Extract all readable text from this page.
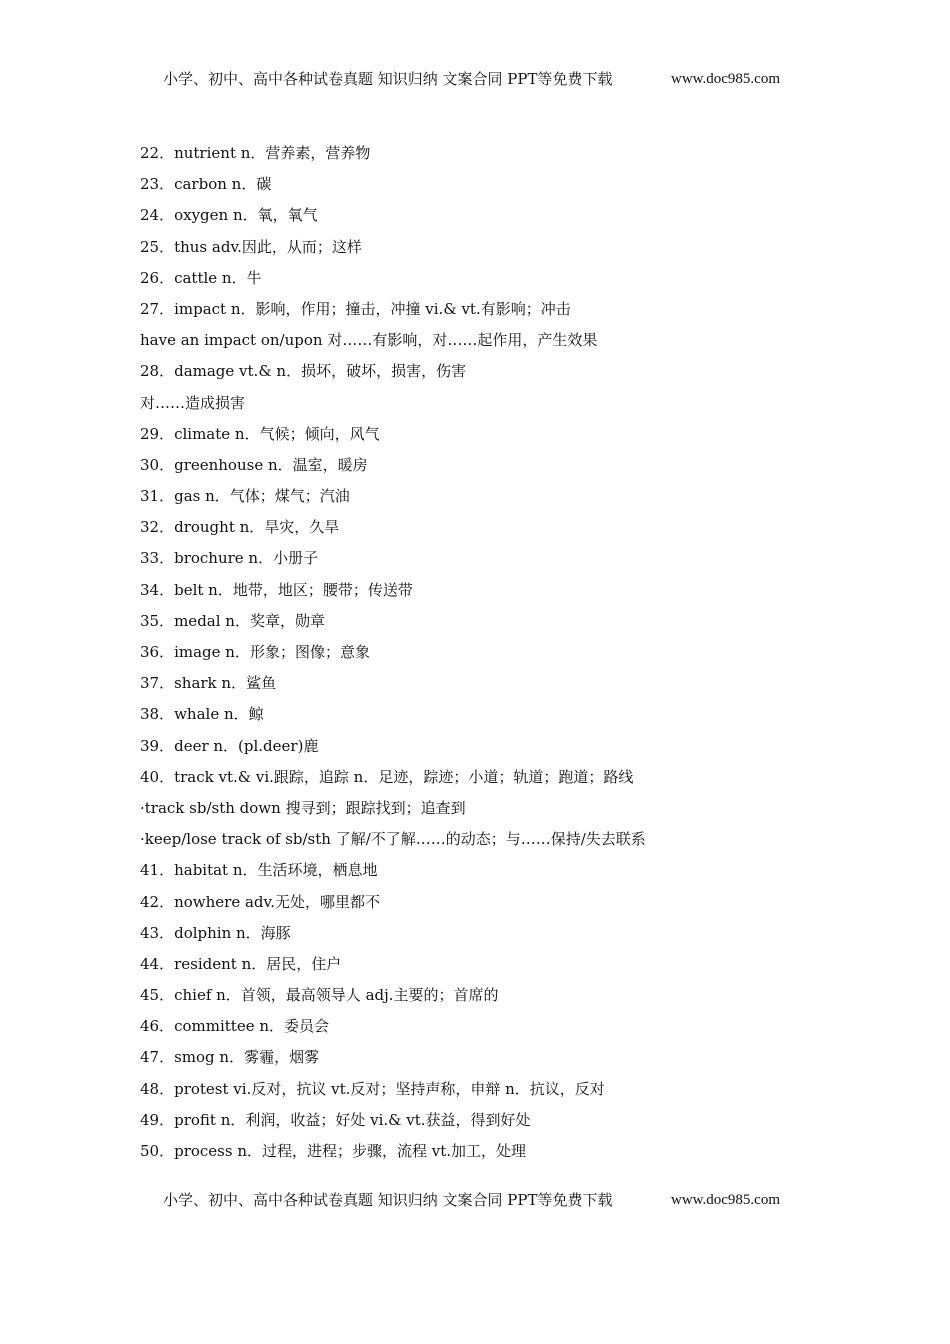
小学、初中、高中各种试卷真题 知识归纳 文案合同 PPT等免费下载	www.doc985.com
22．nutrient n．营养素，营养物
23．carbon n．碳
24．oxygen n．氧，氧气
25．thus adv.因此，从而；这样
26．cattle n．牛
27．impact n．影响，作用；撞击，冲撞 vi.& vt.有影响；冲击
have an impact on/upon 对……有影响，对……起作用，产生效果
28．damage vt.& n．损坏，破坏，损害，伤害
对……造成损害
29．climate n．气候；倾向，风气
30．greenhouse n．温室，暖房
31．gas n．气体；煤气；汽油
32．drought n．旱灾，久旱
33．brochure n．小册子
34．belt n．地带，地区；腰带；传送带
35．medal n．奖章，勋章
36．image n．形象；图像；意象
37．shark n．鲨鱼
38．whale n．鲸
39．deer n．(pl.deer)鹿
40．track vt.& vi.跟踪，追踪 n．足迹，踪迹；小道；轨道；跑道；路线
·track sb/sth down 搜寻到；跟踪找到；追查到
·keep/lose track of sb/sth 了解/不了解……的动态；与……保持/失去联系
41．habitat n．生活环境，栖息地
42．nowhere adv.无处，哪里都不
43．dolphin n．海豚
44．resident n．居民，住户
45．chief n．首领，最高领导人 adj.主要的；首席的
46．committee n．委员会
47．smog n．雾霾，烟雾
48．protest vi.反对，抗议 vt.反对；坚持声称，申辩 n．抗议，反对
49．profit n．利润，收益；好处 vi.& vt.获益，得到好处
50．process n．过程，进程；步骤，流程 vt.加工，处理
小学、初中、高中各种试卷真题 知识归纳 文案合同 PPT等免费下载	www.doc985.com
